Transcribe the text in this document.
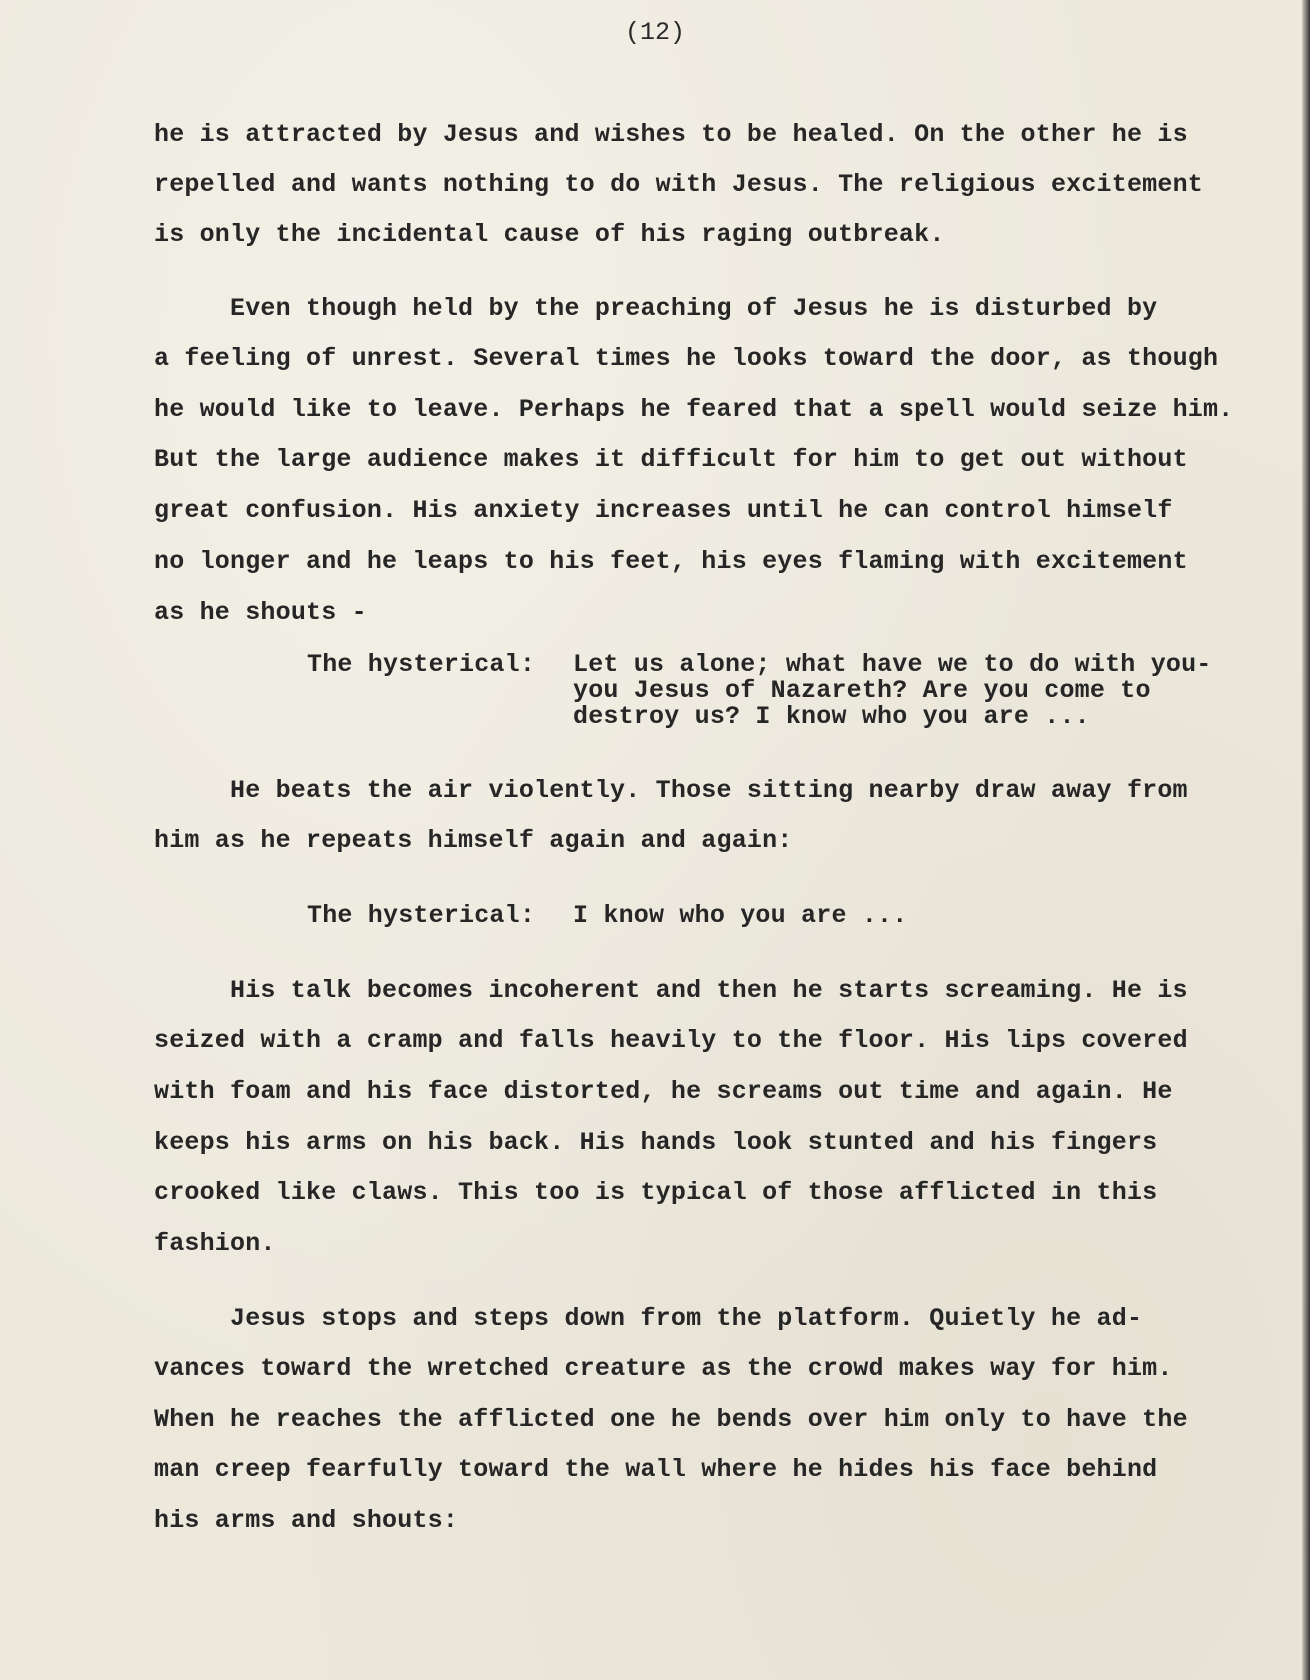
(12)
he is attracted by Jesus and wishes to be healed. On the other he is
repelled and wants nothing to do with Jesus. The religious excitement
is only the incidental cause of his raging outbreak.
Even though held by the preaching of Jesus he is disturbed by
a feeling of unrest. Several times he looks toward the door, as though
he would like to leave. Perhaps he feared that a spell would seize him.
But the large audience makes it difficult for him to get out without
great confusion. His anxiety increases until he can control himself
no longer and he leaps to his feet, his eyes flaming with excitement
as he shouts -
The hysterical: Let us alone; what have we to do with you-
you Jesus of Nazareth? Are you come to
destroy us? I know who you are ...
He beats the air violently. Those sitting nearby draw away from
him as he repeats himself again and again:
The hysterical: I know who you are ...
His talk becomes incoherent and then he starts screaming. He is
seized with a cramp and falls heavily to the floor. His lips covered
with foam and his face distorted, he screams out time and again. He
keeps his arms on his back. His hands look stunted and his fingers
crooked like claws. This too is typical of those afflicted in this
fashion.
Jesus stops and steps down from the platform. Quietly he ad-
vances toward the wretched creature as the crowd makes way for him.
When he reaches the afflicted one he bends over him only to have the
man creep fearfully toward the wall where he hides his face behind
his arms and shouts:
